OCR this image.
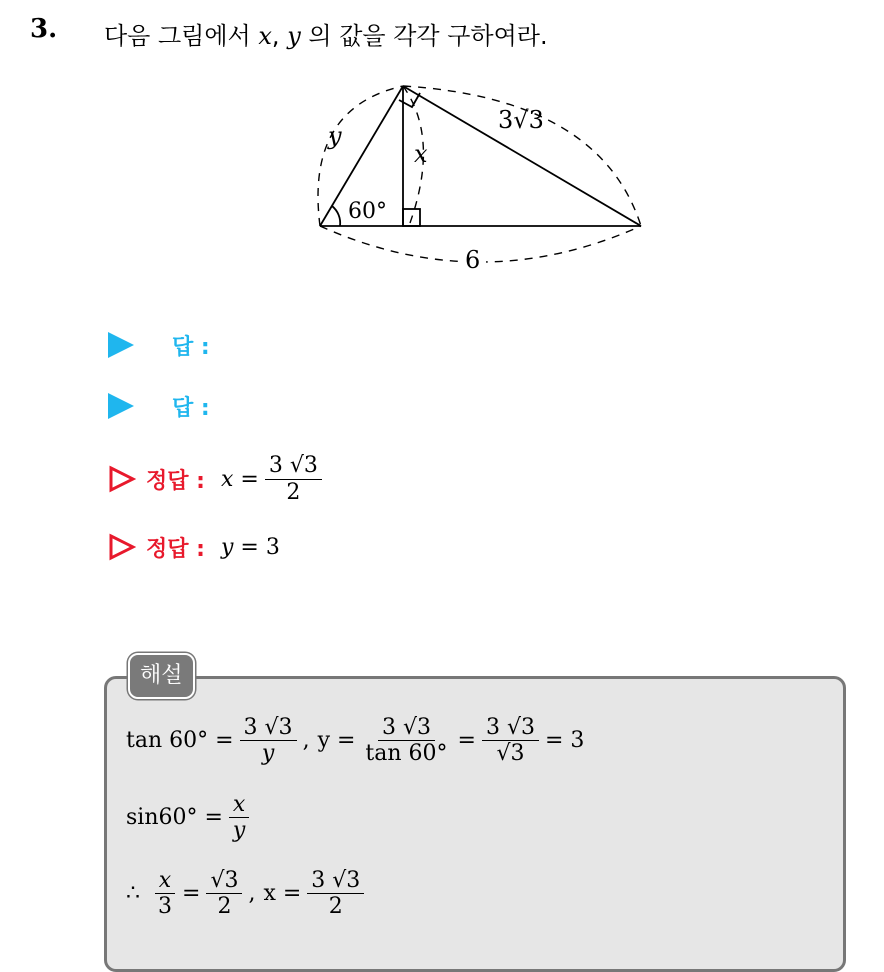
3. 다음 그림에서 x, y 의 값을 각각 구하여라.
y
x
3√3
60°
6
답 :
답 :
정답 : x
= $\frac{3 √3}{2}$
정답 : y
=
3
해설
$\tan 60^\circ = \frac{3 √3}{y}$ , $y = \frac{3 √3}{\tan 60^\circ} = \frac{3 √3}{√3} = 3$
$\sin 60^\circ = \frac{x}{y}$
∴ $\frac{x}{3} = \frac{√3}{2}$ , $x = \frac{3 √3}{2}$
